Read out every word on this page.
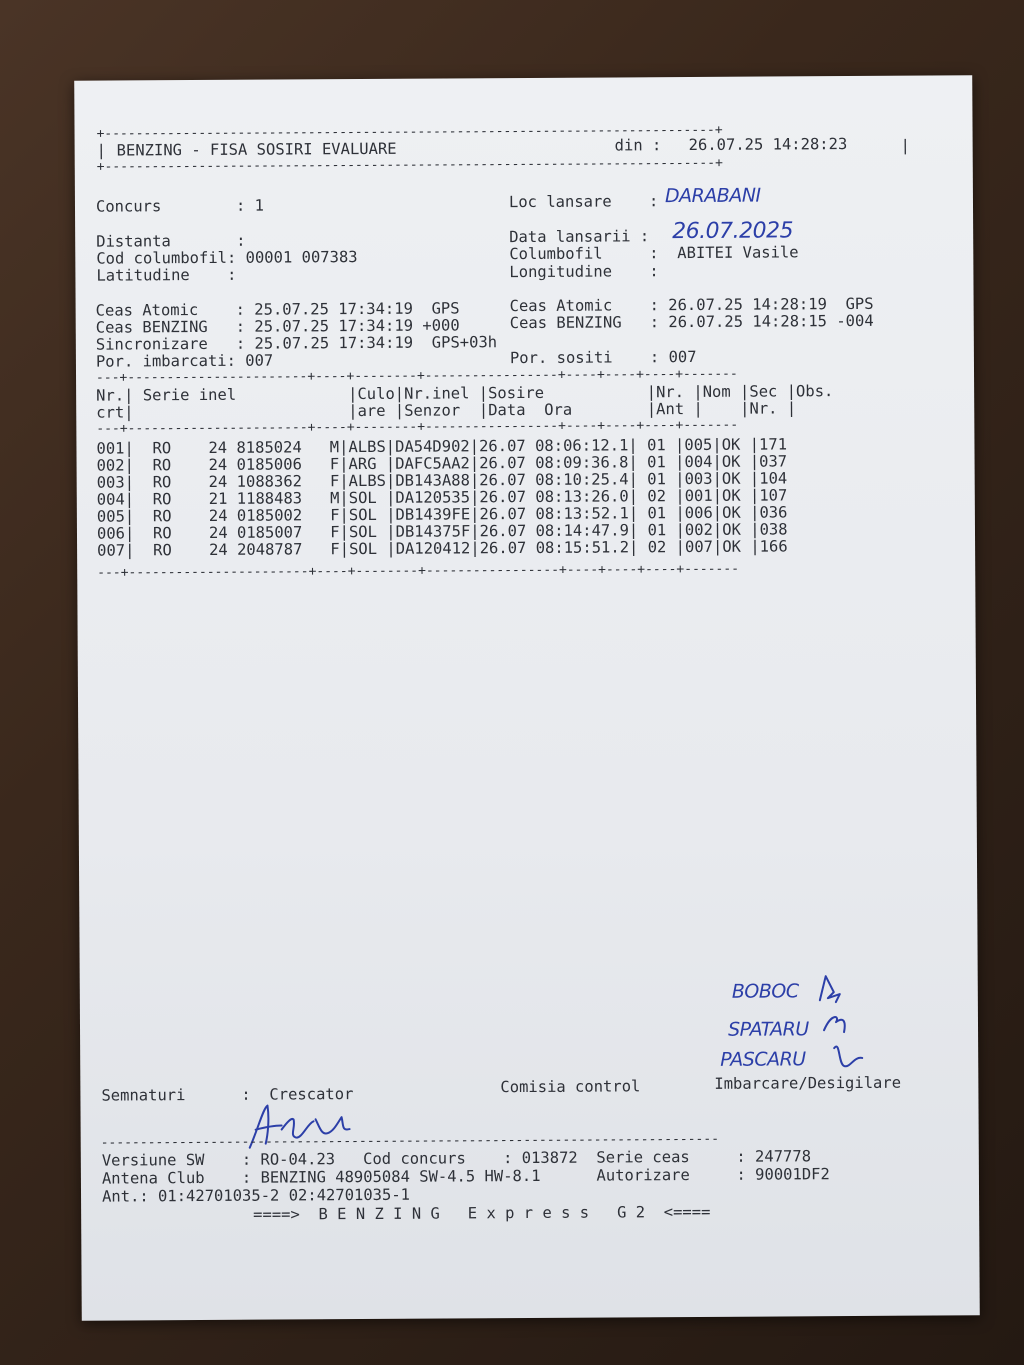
+------------------------------------------------------------------------------+
| BENZING - FISA SOSIRI EVALUARE	din : 26.07.25 14:28:23	|
+------------------------------------------------------------------------------+
Concurs        : 1	Loc lansare    : DARABANI
Distanta       :	Data lansarii : 26.07.2025
Cod columbofil: 00001 007383	Columbofil     :  ABITEI Vasile
Latitudine    :	Longitudine    :
Ceas Atomic    : 25.07.25 17:34:19  GPS
Ceas BENZING   : 25.07.25 17:34:19 +000
Sincronizare   : 25.07.25 17:34:19  GPS+03h
Por. imbarcati: 007
Ceas Atomic    : 26.07.25 14:28:19  GPS
Ceas BENZING   : 26.07.25 14:28:15 -004
Por. sositi    : 007
---+-----------------------+----+--------+-----------------+----+----+----+-------
Nr.| Serie inel            |Culo|Nr.inel |Sosire           |Nr. |Nom |Sec |Obs.
crt|                       |are |Senzor  |Data  Ora        |Ant |    |Nr. |
---+-----------------------+----+--------+-----------------+----+----+----+-------
001|  RO    24 8185024   M|ALBS|DA54D902|26.07 08:06:12.1| 01 |005|OK |171
002|  RO    24 0185006   F|ARG |DAFC5AA2|26.07 08:09:36.8| 01 |004|OK |037
003|  RO    24 1088362   F|ALBS|DB143A88|26.07 08:10:25.4| 01 |003|OK |104
004|  RO    21 1188483   M|SOL |DA120535|26.07 08:13:26.0| 02 |001|OK |107
005|  RO    24 0185002   F|SOL |DB1439FE|26.07 08:13:52.1| 01 |006|OK |036
006|  RO    24 0185007   F|SOL |DB14375F|26.07 08:14:47.9| 01 |002|OK |038
007|  RO    24 2048787   F|SOL |DA120412|26.07 08:15:51.2| 02 |007|OK |166
---+-----------------------+----+--------+-----------------+----+----+----+-------
BOBOC
SPATARU
PASCARU
Semnaturi      :  Crescator	Comisia control	Imbarcare/Desigilare
-------------------------------------------------------------------------------
Versiune SW    : RO-04.23   Cod concurs    : 013872  Serie ceas     : 247778
Antena Club    : BENZING 48905084 SW-4.5 HW-8.1      Autorizare     : 90001DF2
Ant.: 01:42701035-2 02:42701035-1
====>  B E N Z I N G   E x p r e s s   G 2  <====
